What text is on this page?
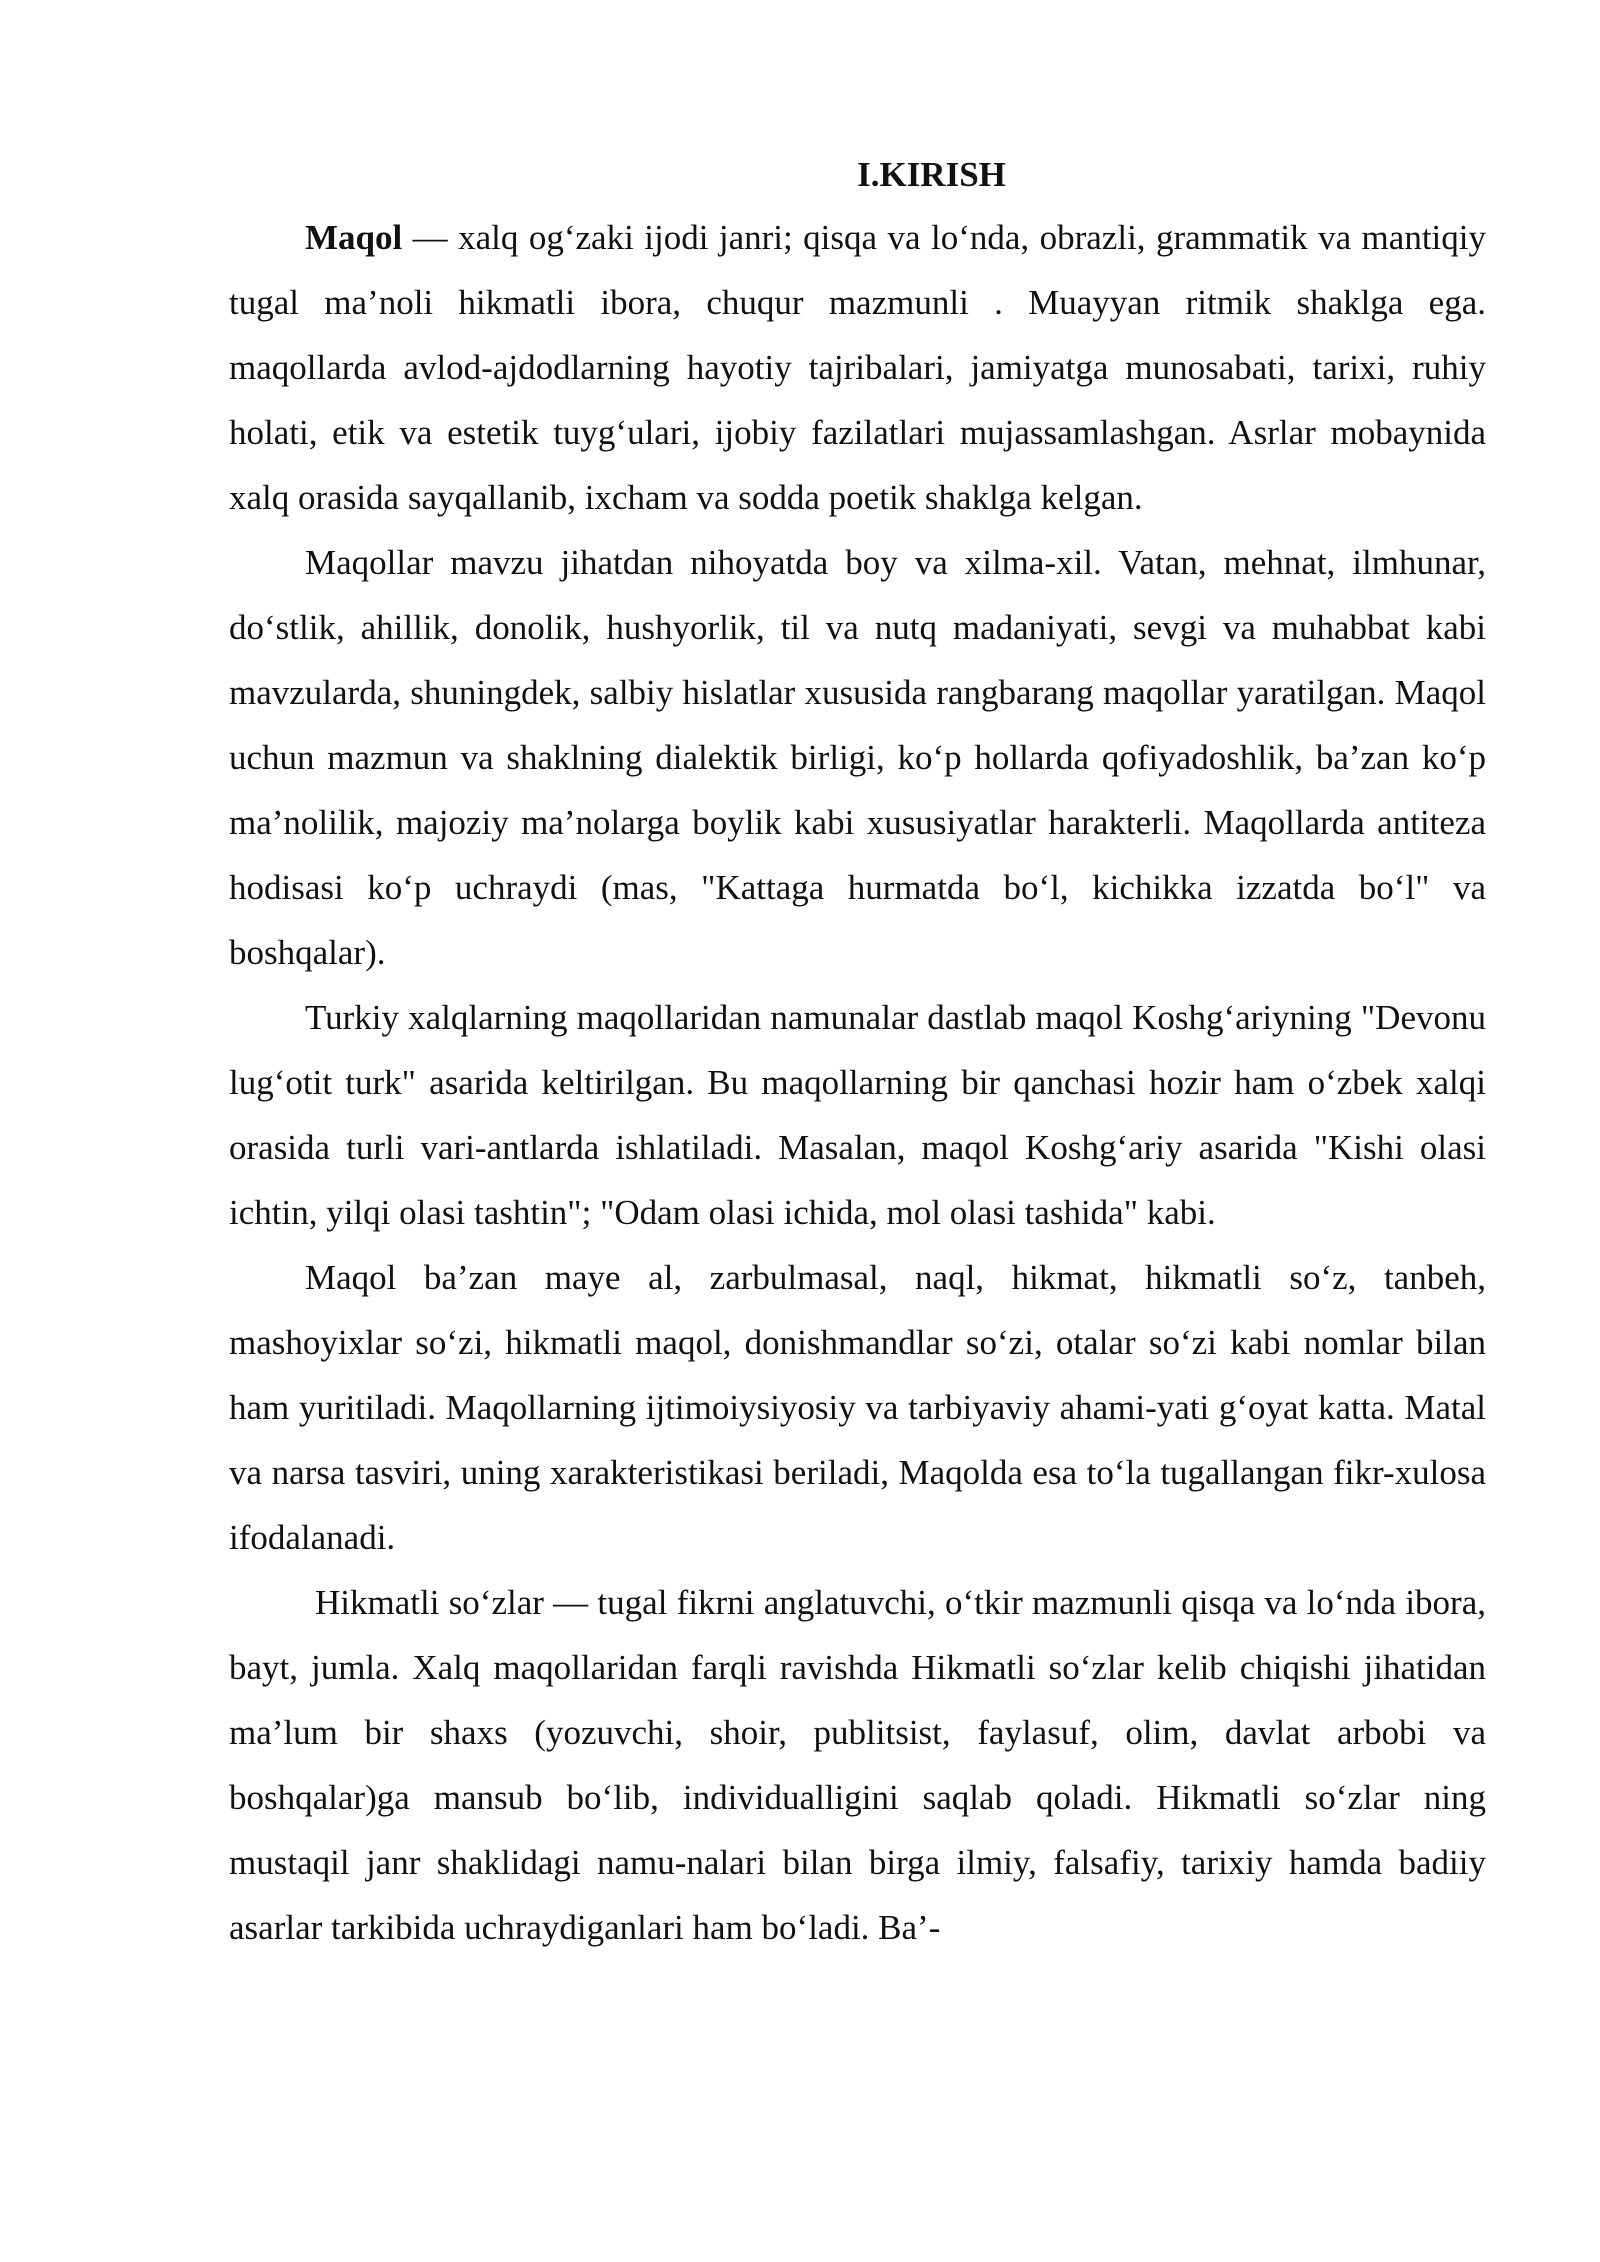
I.KIRISH

Maqol — xalq og‘zaki ijodi janri; qisqa va lo‘nda, obrazli, grammatik va mantiqiy tugal ma’noli hikmatli ibora, chuqur mazmunli . Muayyan ritmik shaklga ega. maqollarda avlod-ajdodlarning hayotiy tajribalari, jamiyatga munosabati, tarixi, ruhiy holati, etik va estetik tuyg‘ulari, ijobiy fazilatlari mujassamlashgan. Asrlar mobaynida xalq orasida sayqallanib, ixcham va sodda poetik shaklga kelgan.

Maqollar mavzu jihatdan nihoyatda boy va xilma-xil. Vatan, mehnat, ilmhunar, do‘stlik, ahillik, donolik, hushyorlik, til va nutq madaniyati, sevgi va muhabbat kabi mavzularda, shuningdek, salbiy hislatlar xususida rangbarang maqollar yaratilgan. Maqol uchun mazmun va shaklning dialektik birligi, ko‘p hollarda qofiyadoshlik, ba’zan ko‘p ma’nolilik, majoziy ma’nolarga boylik kabi xususiyatlar harakterli. Maqollarda antiteza hodisasi ko‘p uchraydi (mas, "Kattaga hurmatda bo‘l, kichikka izzatda bo‘l" va boshqalar).

Turkiy xalqlarning maqollaridan namunalar dastlab maqol Koshg‘ariyning "Devonu lug‘otit turk" asarida keltirilgan. Bu maqollarning bir qanchasi hozir ham o‘zbek xalqi orasida turli vari-antlarda ishlatiladi. Masalan, maqol Koshg‘ariy asarida "Kishi olasi ichtin, yilqi olasi tashtin"; "Odam olasi ichida, mol olasi tashida" kabi.

Maqol ba’zan maye al, zarbulmasal, naql, hikmat, hikmatli so‘z, tanbeh, mashoyixlar so‘zi, hikmatli maqol, donishmandlar so‘zi, otalar so‘zi kabi nomlar bilan ham yuritiladi. Maqollarning ijtimoiysiyosiy va tarbiyaviy ahami-yati g‘oyat katta. Matal va narsa tasviri, uning xarakteristikasi beriladi, Maqolda esa to‘la tugallangan fikr-xulosa ifodalanadi.

Hikmatli so‘zlar — tugal fikrni anglatuvchi, o‘tkir mazmunli qisqa va lo‘nda ibora, bayt, jumla. Xalq maqollaridan farqli ravishda Hikmatli so‘zlar kelib chiqishi jihatidan ma’lum bir shaxs (yozuvchi, shoir, publitsist, faylasuf, olim, davlat arbobi va boshqalar)ga mansub bo‘lib, individualligini saqlab qoladi. Hikmatli so‘zlar ning mustaqil janr shaklidagi namu-nalari bilan birga ilmiy, falsafiy, tarixiy hamda badiiy asarlar tarkibida uchraydiganlari ham bo‘ladi. Ba’-
